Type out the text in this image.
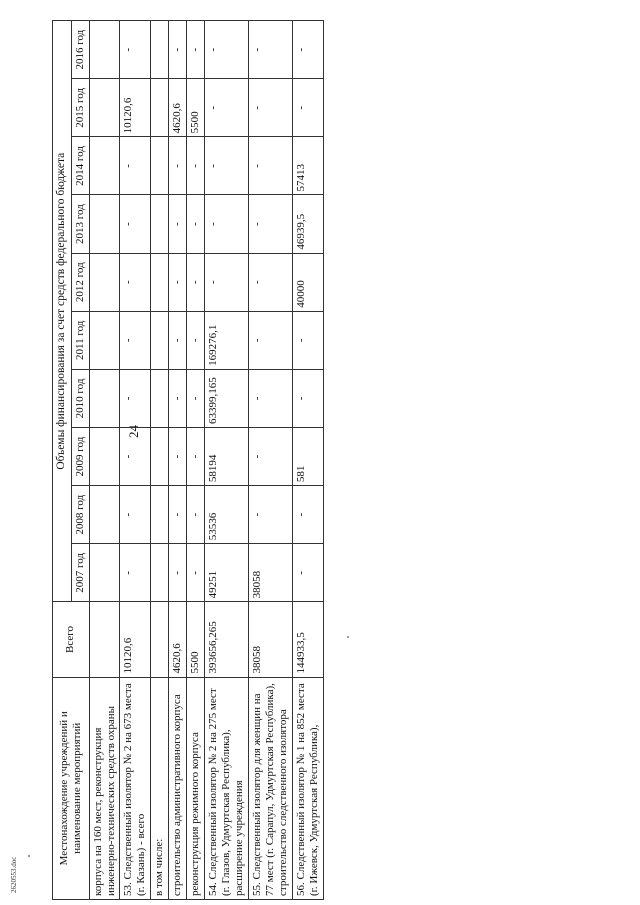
24
2620553.doc
Местонахождение учреждений и наименование мероприятий	Всего	Объемы финансирования за счет средств федерального бюджета									
		2007 год	2008 год	2009 год	2010 год	2011 год	2012 год	2013 год	2014 год	2015 год	2016 год
корпуса на 160 мест, реконструкция инженерно-технических средств охраны											
53. Следственный изолятор № 2 на 673 места (г. Казань) - всего	10120,6	-	-	-	-	-	-	-	-	10120,6	-
в том числе:											
строительство административного корпуса	4620,6	-	-	-	-	-	-	-	-	4620,6	-
реконструкция режимного корпуса	5500	-	-	-	-	-	-	-	-	5500	-
54. Следственный изолятор № 2 на 275 мест (г. Глазов, Удмуртская Республика), расширение учреждения	393656,265	49251	53536	58194	63399,165	169276,1	-	-	-	-	-
55. Следственный изолятор для женщин на 77 мест (г. Сарапул, Удмуртская Республика), строительство следственного изолятора	38058	38058	-	-	-	-	-	-	-	-	-
56. Следственный изолятор № 1 на 852 места (г. Ижевск, Удмуртская Республика),	144933,5	-	-	581	-	-	40000	46939,5	57413	-	-
